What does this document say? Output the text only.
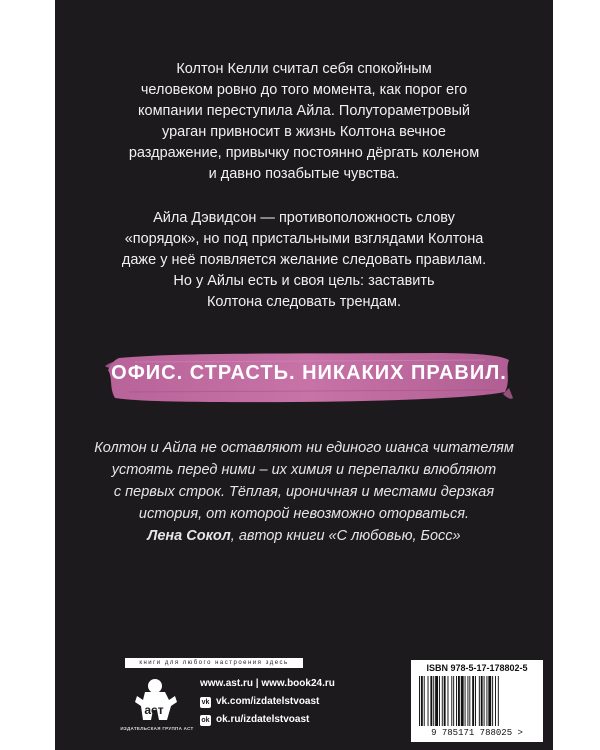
Колтон Келли считал себя спокойным
человеком ровно до того момента, как порог его
компании переступила Айла. Полутораметровый
ураган привносит в жизнь Колтона вечное
раздражение, привычку постоянно дёргать коленом
и давно позабытые чувства.
Айла Дэвидсон — противоположность слову
«порядок», но под пристальными взглядами Колтона
даже у неё появляется желание следовать правилам.
Но у Айлы есть и своя цель: заставить
Колтона следовать трендам.
ОФИС. СТРАСТЬ. НИКАКИХ ПРАВИЛ.
Колтон и Айла не оставляют ни единого шанса читателям
устоять перед ними – их химия и перепалки влюбляют
с первых строк. Тёплая, ироничная и местами дерзкая
история, от которой невозможно оторваться.
Лена Сокол, автор книги «С любовью, Босс»
книги для любого настроения здесь
аст
ИЗДАТЕЛЬСКАЯ ГРУППА АСТ
www.ast.ru | www.book24.ru
vk vk.com/izdatelstvoast
ok ok.ru/izdatelstvoast
ISBN 978-5-17-178802-5
9 785171 788025 >
